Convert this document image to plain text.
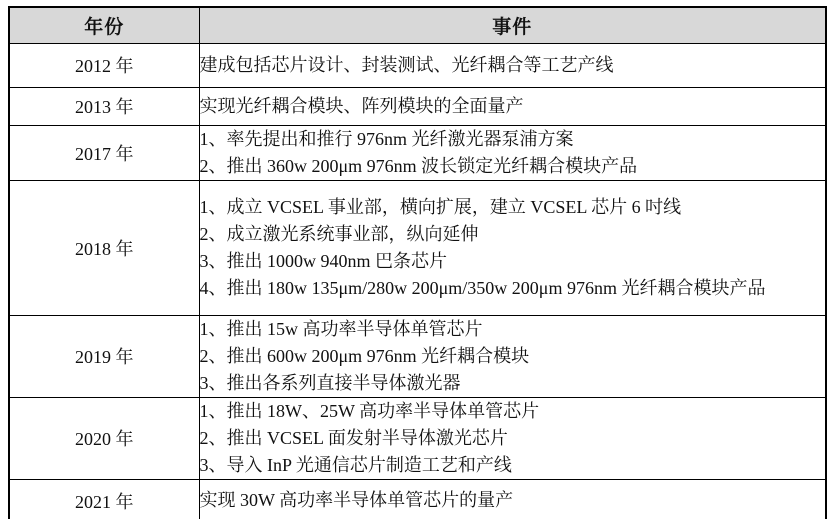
年份	事件
2012 年	建成包括芯片设计、封装测试、光纤耦合等工艺产线

2013 年	实现光纤耦合模块、阵列模块的全面量产

2017 年	1、率先提出和推行 976nm 光纤激光器泵浦方案
2、推出 360w 200μm 976nm 波长锁定光纤耦合模块产品

2018 年	1、成立 VCSEL 事业部，横向扩展，建立 VCSEL 芯片 6 吋线
2、成立激光系统事业部，纵向延伸
3、推出 1000w 940nm 巴条芯片
4、推出 180w 135μm/280w 200μm/350w 200μm 976nm 光纤耦合模块产品

2019 年	1、推出 15w 高功率半导体单管芯片
2、推出 600w 200μm 976nm 光纤耦合模块
3、推出各系列直接半导体激光器

2020 年	1、推出 18W、25W 高功率半导体单管芯片
2、推出 VCSEL 面发射半导体激光芯片
3、导入 InP 光通信芯片制造工艺和产线

2021 年	实现 30W 高功率半导体单管芯片的量产
